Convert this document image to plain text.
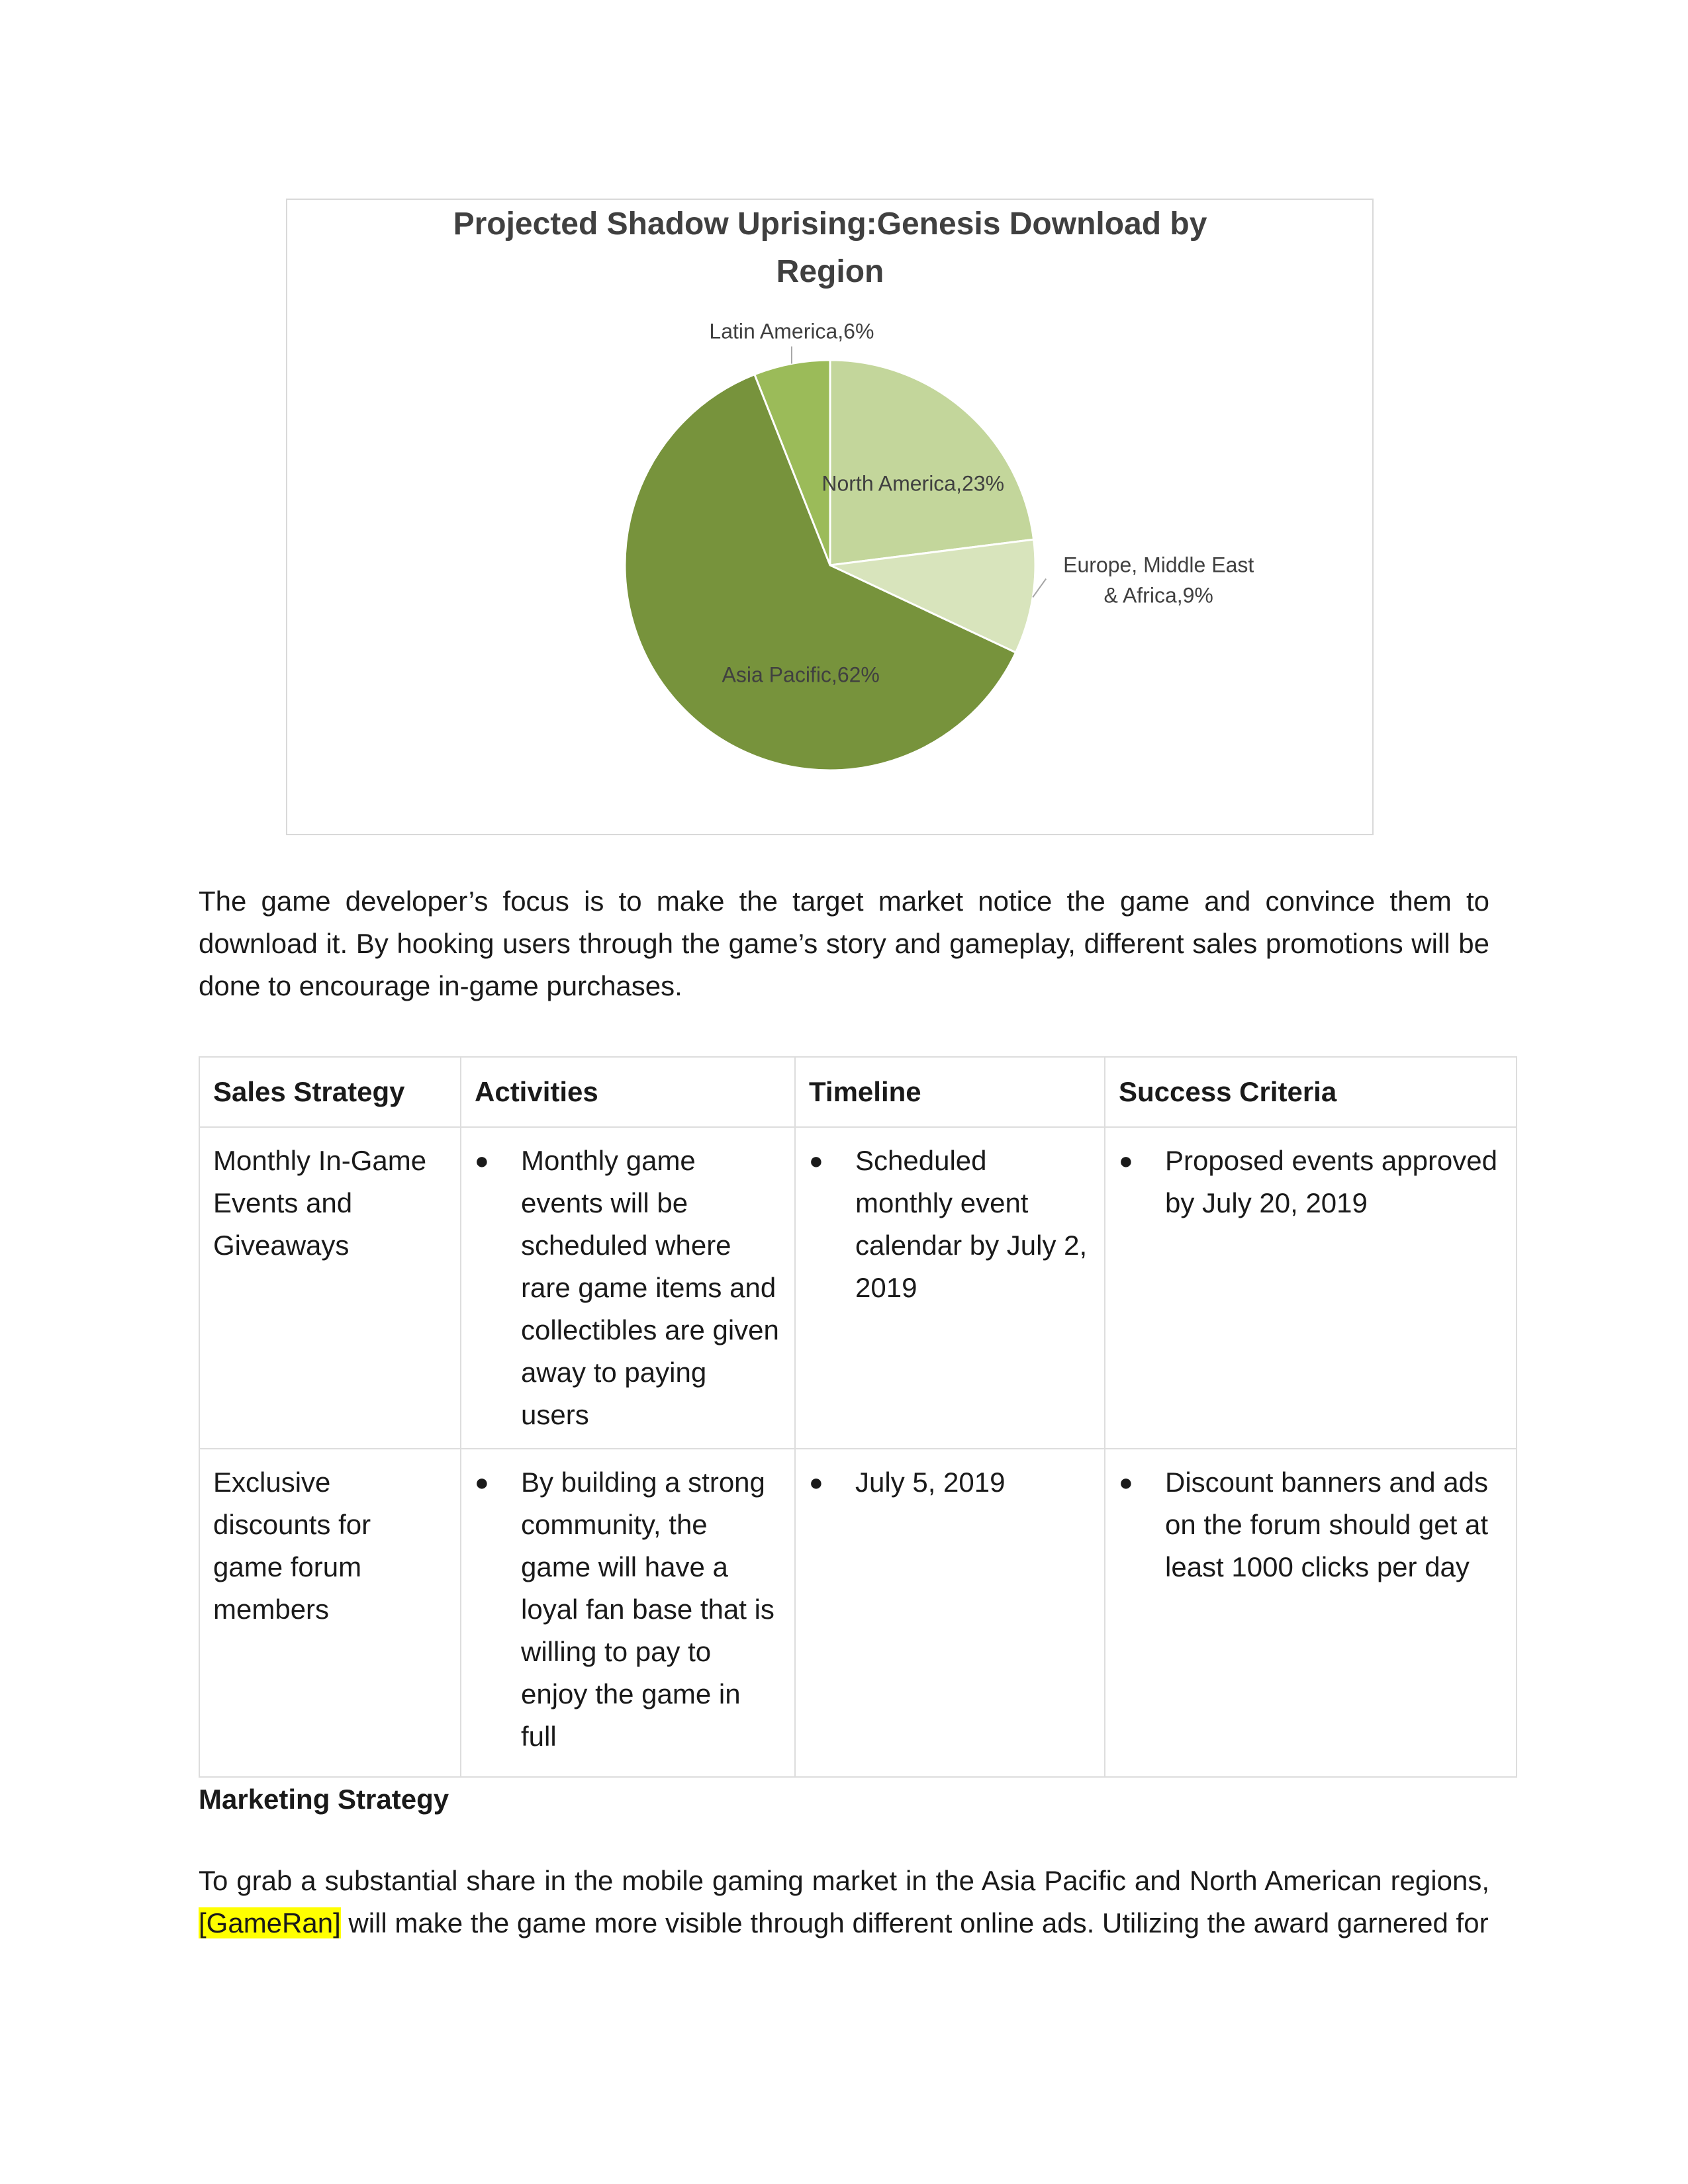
Projected Shadow Uprising:Genesis Download by Region
North America,23%
Europe, Middle East & Africa,9%
Asia Pacific,62%
Latin America,6%

The game developer’s focus is to make the target market notice the game and convince them to download it. By hooking users through the game’s story and gameplay, different sales promotions will be done to encourage in-game purchases.

Sales Strategy	Activities	Timeline	Success Criteria
Monthly In-Game Events and Giveaways	● Monthly game events will be scheduled where rare game items and collectibles are given away to paying users	● Scheduled monthly event calendar by July 2, 2019	● Proposed events approved by July 20, 2019

Exclusive discounts for game forum members	● By building a strong community, the game will have a loyal fan base that is willing to pay to enjoy the game in full	● July 5, 2019	● Discount banners and ads on the forum should get at least 1000 clicks per day

Marketing Strategy

To grab a substantial share in the mobile gaming market in the Asia Pacific and North American regions, [GameRan] will make the game more visible through different online ads. Utilizing the award garnered for
